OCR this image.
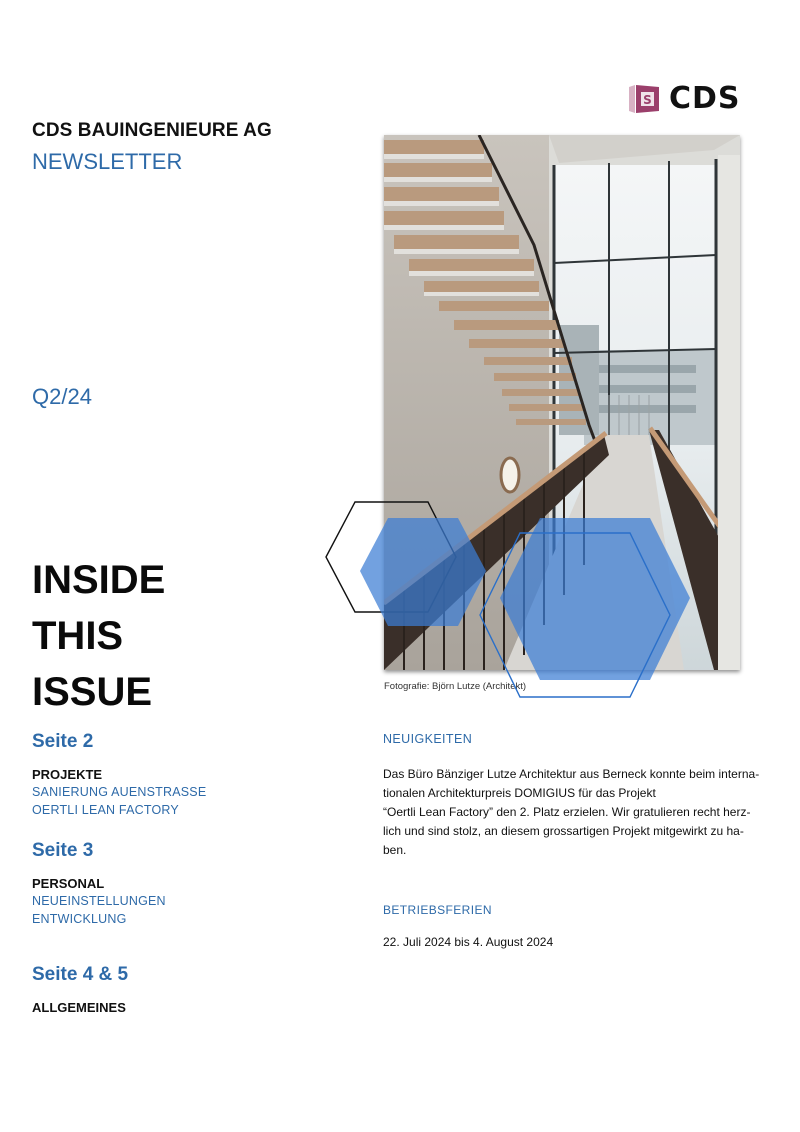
S CDS
CDS BAUINGENIEURE AG
NEWSLETTER
Q2/24
INSIDE
THIS
ISSUE
Seite 2
PROJEKTE
SANIERUNG AUENSTRASSE
OERTLI LEAN FACTORY
Seite 3
PERSONAL
NEUEINSTELLUNGEN
ENTWICKLUNG
Seite 4 & 5
ALLGEMEINES
Fotografie: Björn Lutze (Architekt)
NEUIGKEITEN
Das Büro Bänziger Lutze Architektur aus Berneck konnte beim interna-
tionalen Architekturpreis DOMIGIUS für das Projekt
“Oertli Lean Factory” den 2. Platz erzielen. Wir gratulieren recht herz-
lich und sind stolz, an diesem grossartigen Projekt mitgewirkt zu ha-
ben.
BETRIEBSFERIEN
22. Juli 2024 bis 4. August 2024
